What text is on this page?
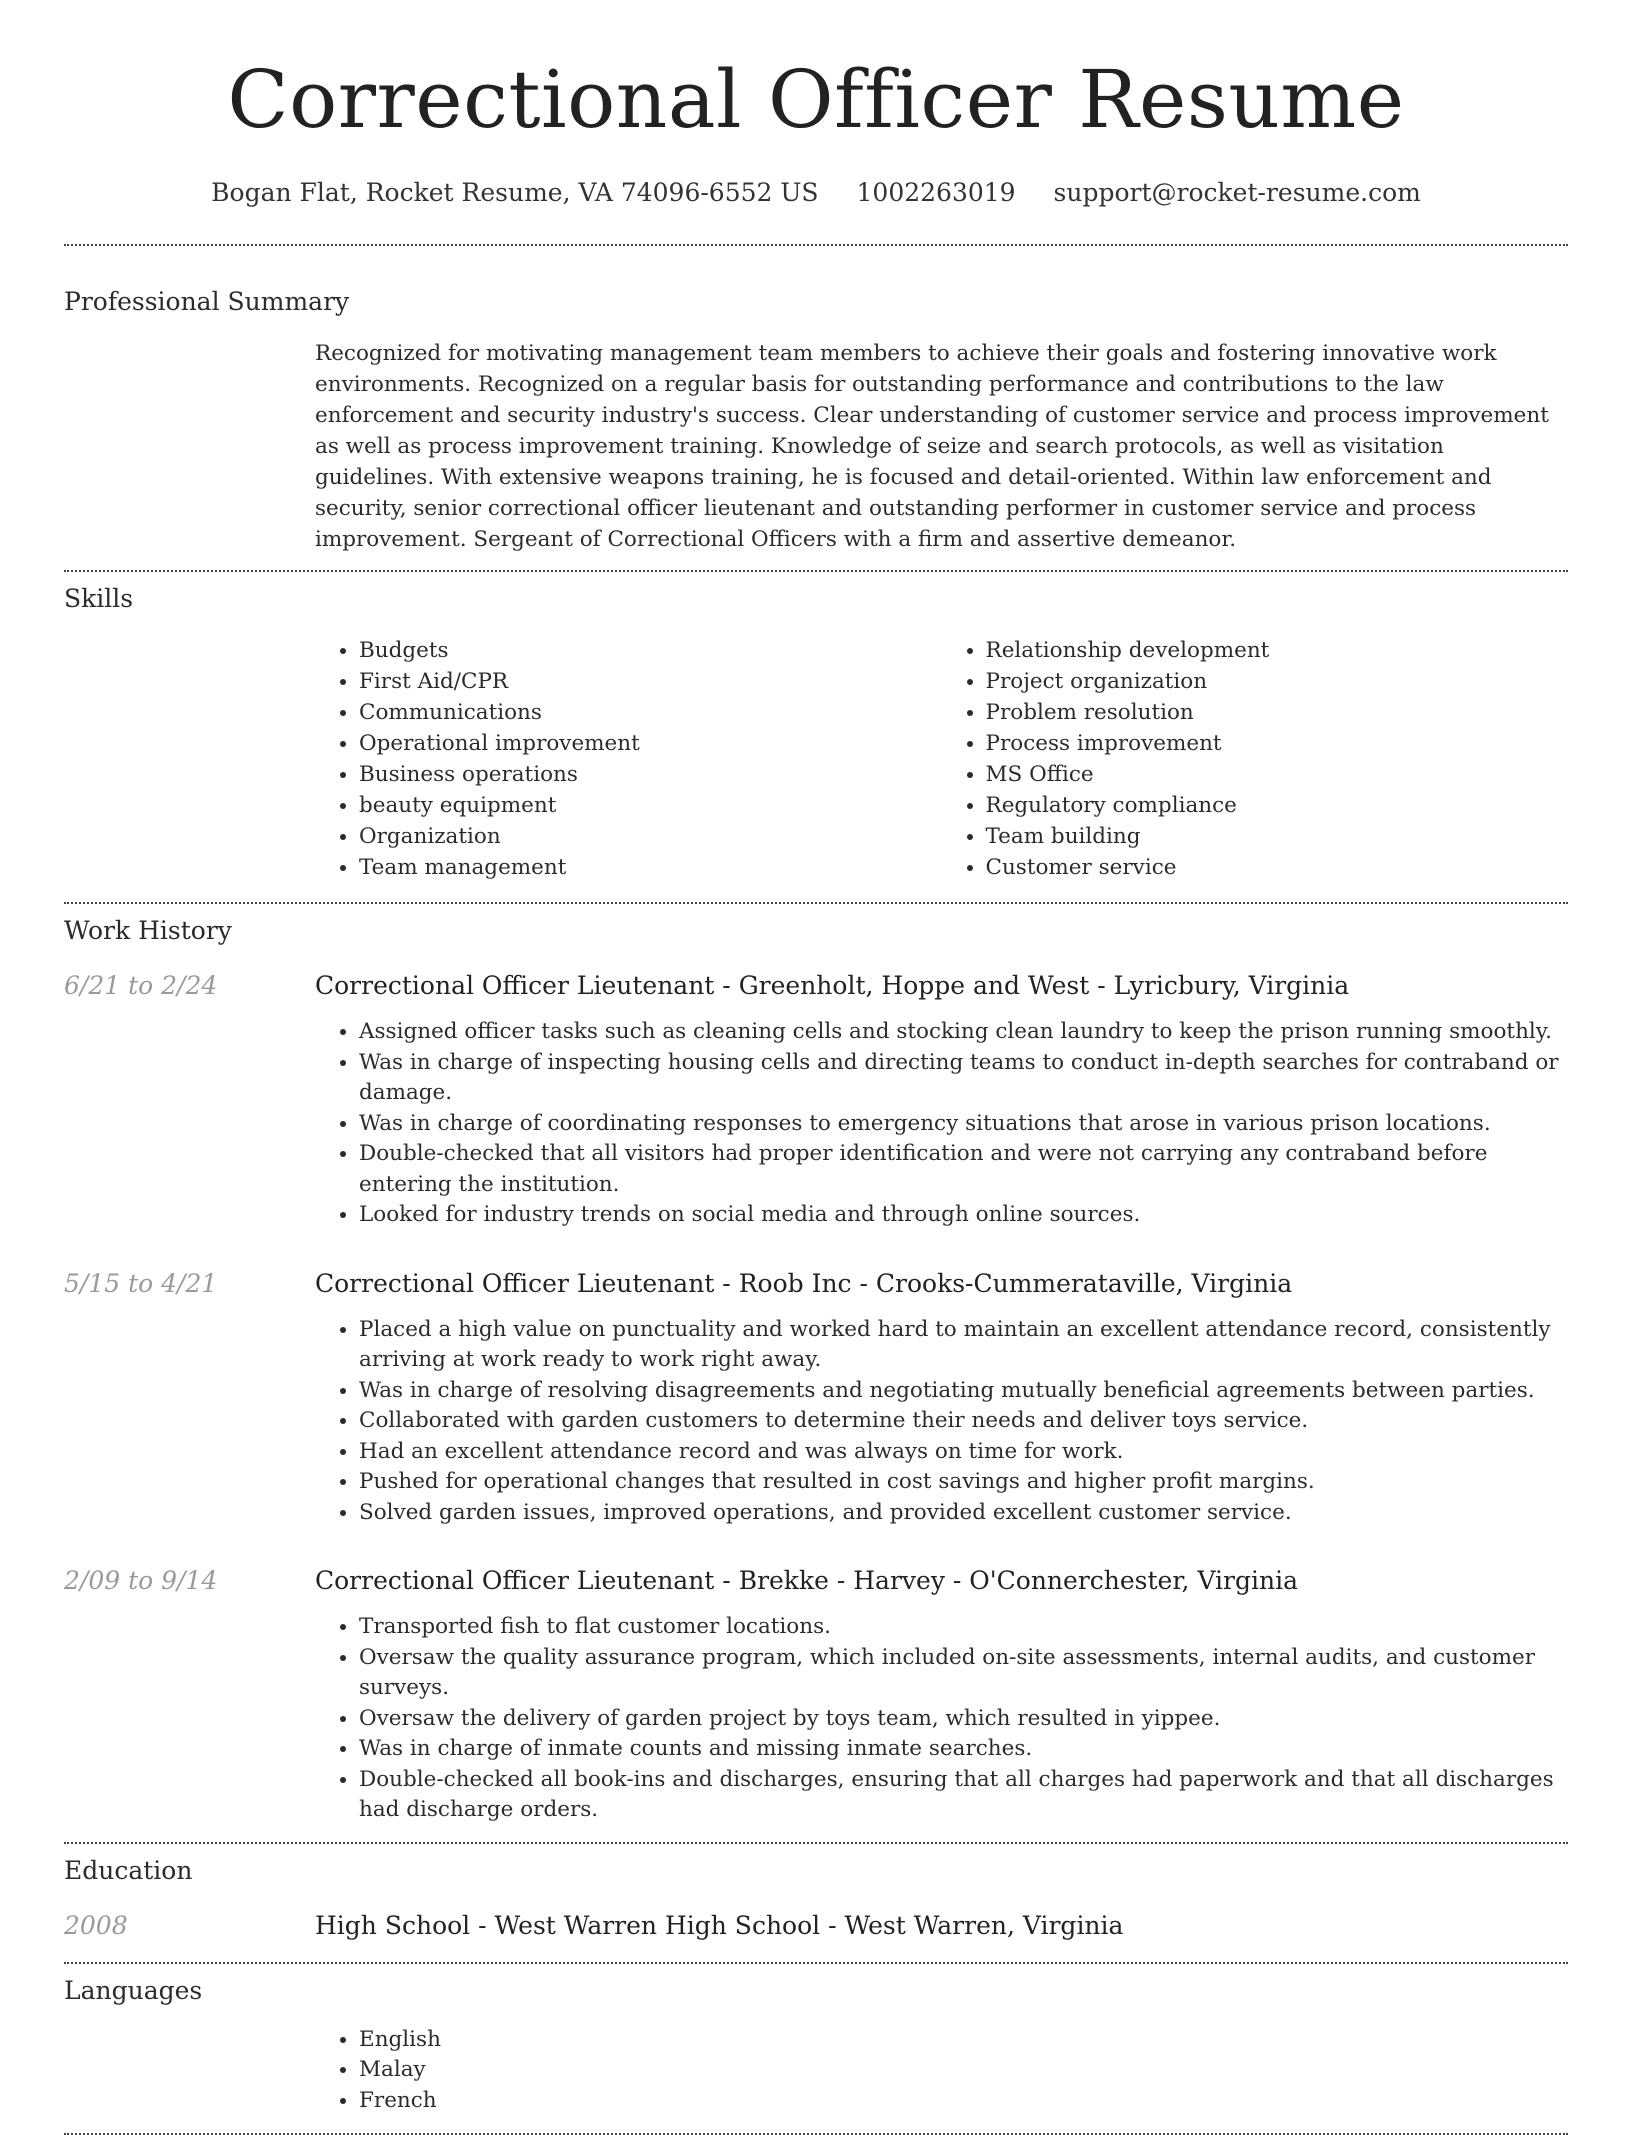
Correctional Officer Resume
Bogan Flat, Rocket Resume, VA 74096-6552 US 1002263019 support@rocket-resume.com
Professional Summary

Recognized for motivating management team members to achieve their goals and fostering innovative work environments. Recognized on a regular basis for outstanding performance and contributions to the law enforcement and security industry's success. Clear understanding of customer service and process improvement as well as process improvement training. Knowledge of seize and search protocols, as well as visitation guidelines. With extensive weapons training, he is focused and detail-oriented. Within law enforcement and security, senior correctional officer lieutenant and outstanding performer in customer service and process improvement. Sergeant of Correctional Officers with a firm and assertive demeanor.

Skills
• Budgets
• First Aid/CPR
• Communications
• Operational improvement
• Business operations
• beauty equipment
• Organization
• Team management
• Relationship development
• Project organization
• Problem resolution
• Process improvement
• MS Office
• Regulatory compliance
• Team building
• Customer service
Work History
6/21 to 2/24	Correctional Officer Lieutenant - Greenholt, Hoppe and West - Lyricbury, Virginia
• Assigned officer tasks such as cleaning cells and stocking clean laundry to keep the prison running smoothly.
• Was in charge of inspecting housing cells and directing teams to conduct in-depth searches for contraband or damage.
• Was in charge of coordinating responses to emergency situations that arose in various prison locations.
• Double-checked that all visitors had proper identification and were not carrying any contraband before entering the institution.
• Looked for industry trends on social media and through online sources.
5/15 to 4/21	Correctional Officer Lieutenant - Roob Inc - Crooks-Cummerataville, Virginia
• Placed a high value on punctuality and worked hard to maintain an excellent attendance record, consistently arriving at work ready to work right away.
• Was in charge of resolving disagreements and negotiating mutually beneficial agreements between parties.
• Collaborated with garden customers to determine their needs and deliver toys service.
• Had an excellent attendance record and was always on time for work.
• Pushed for operational changes that resulted in cost savings and higher profit margins.
• Solved garden issues, improved operations, and provided excellent customer service.
2/09 to 9/14	Correctional Officer Lieutenant - Brekke - Harvey - O'Connerchester, Virginia
• Transported fish to flat customer locations.
• Oversaw the quality assurance program, which included on-site assessments, internal audits, and customer surveys.
• Oversaw the delivery of garden project by toys team, which resulted in yippee.
• Was in charge of inmate counts and missing inmate searches.
• Double-checked all book-ins and discharges, ensuring that all charges had paperwork and that all discharges had discharge orders.
Education
2008	High School - West Warren High School - West Warren, Virginia
Languages
• English
• Malay
• French
